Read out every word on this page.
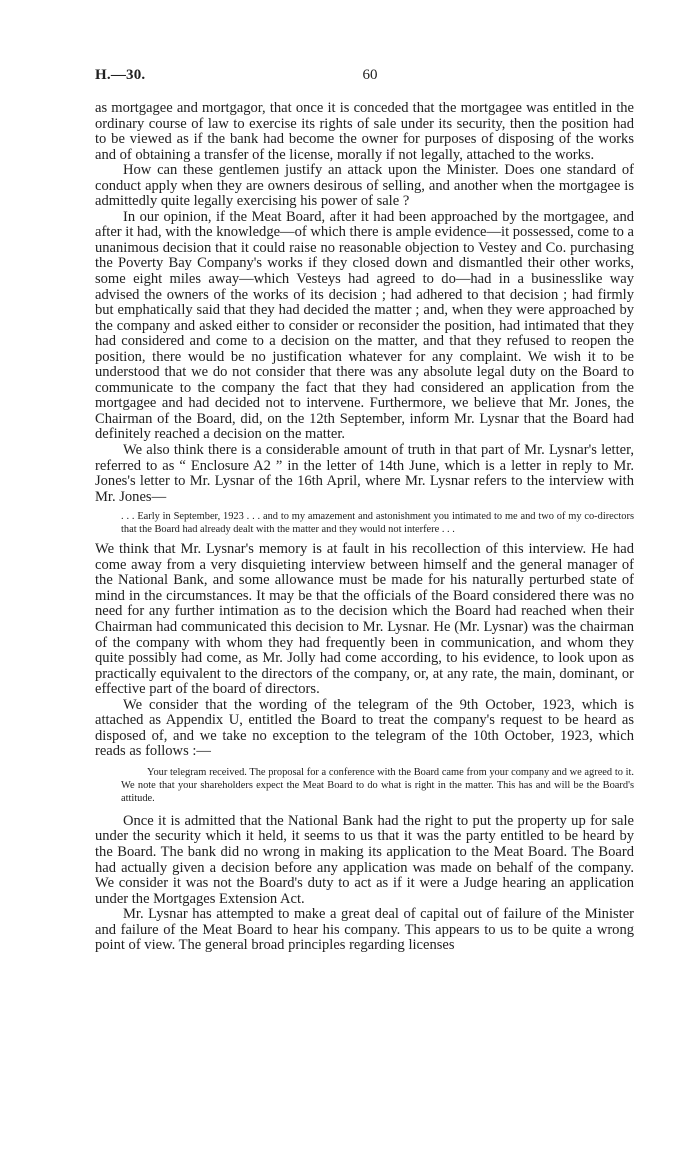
H.—30.	60

as mortgagee and mortgagor, that once it is conceded that the mortgagee was entitled in the ordinary course of law to exercise its rights of sale under its security, then the position had to be viewed as if the bank had become the owner for purposes of disposing of the works and of obtaining a transfer of the license, morally if not legally, attached to the works.

How can these gentlemen justify an attack upon the Minister. Does one standard of conduct apply when they are owners desirous of selling, and another when the mortgagee is admittedly quite legally exercising his power of sale ?

In our opinion, if the Meat Board, after it had been approached by the mortgagee, and after it had, with the knowledge—of which there is ample evidence—it possessed, come to a unanimous decision that it could raise no reasonable objection to Vestey and Co. purchasing the Poverty Bay Company's works if they closed down and dismantled their other works, some eight miles away—which Vesteys had agreed to do—had in a businesslike way advised the owners of the works of its decision ; had adhered to that decision ; had firmly but emphatically said that they had decided the matter ; and, when they were approached by the company and asked either to consider or reconsider the position, had intimated that they had considered and come to a decision on the matter, and that they refused to reopen the position, there would be no justification whatever for any complaint. We wish it to be understood that we do not consider that there was any absolute legal duty on the Board to communicate to the company the fact that they had considered an application from the mortgagee and had decided not to intervene. Furthermore, we believe that Mr. Jones, the Chairman of the Board, did, on the 12th September, inform Mr. Lysnar that the Board had definitely reached a decision on the matter.

We also think there is a considerable amount of truth in that part of Mr. Lysnar's letter, referred to as “ Enclosure A2 ” in the letter of 14th June, which is a letter in reply to Mr. Jones's letter to Mr. Lysnar of the 16th April, where Mr. Lysnar refers to the interview with Mr. Jones—

. . . Early in September, 1923 . . . and to my amazement and astonishment you intimated to me and two of my co-directors that the Board had already dealt with the matter and they would not interfere . . .

We think that Mr. Lysnar's memory is at fault in his recollection of this interview. He had come away from a very disquieting interview between himself and the general manager of the National Bank, and some allowance must be made for his naturally perturbed state of mind in the circumstances. It may be that the officials of the Board considered there was no need for any further intimation as to the decision which the Board had reached when their Chairman had communicated this decision to Mr. Lysnar. He (Mr. Lysnar) was the chairman of the company with whom they had frequently been in communication, and whom they quite possibly had come, as Mr. Jolly had come according, to his evidence, to look upon as practically equivalent to the directors of the company, or, at any rate, the main, dominant, or effective part of the board of directors.

We consider that the wording of the telegram of the 9th October, 1923, which is attached as Appendix U, entitled the Board to treat the company's request to be heard as disposed of, and we take no exception to the telegram of the 10th October, 1923, which reads as follows :—

Your telegram received. The proposal for a conference with the Board came from your company and we agreed to it. We note that your shareholders expect the Meat Board to do what is right in the matter. This has and will be the Board's attitude.

Once it is admitted that the National Bank had the right to put the property up for sale under the security which it held, it seems to us that it was the party entitled to be heard by the Board. The bank did no wrong in making its application to the Meat Board. The Board had actually given a decision before any application was made on behalf of the company. We consider it was not the Board's duty to act as if it were a Judge hearing an application under the Mortgages Extension Act.

Mr. Lysnar has attempted to make a great deal of capital out of failure of the Minister and failure of the Meat Board to hear his company. This appears to us to be quite a wrong point of view. The general broad principles regarding licenses
